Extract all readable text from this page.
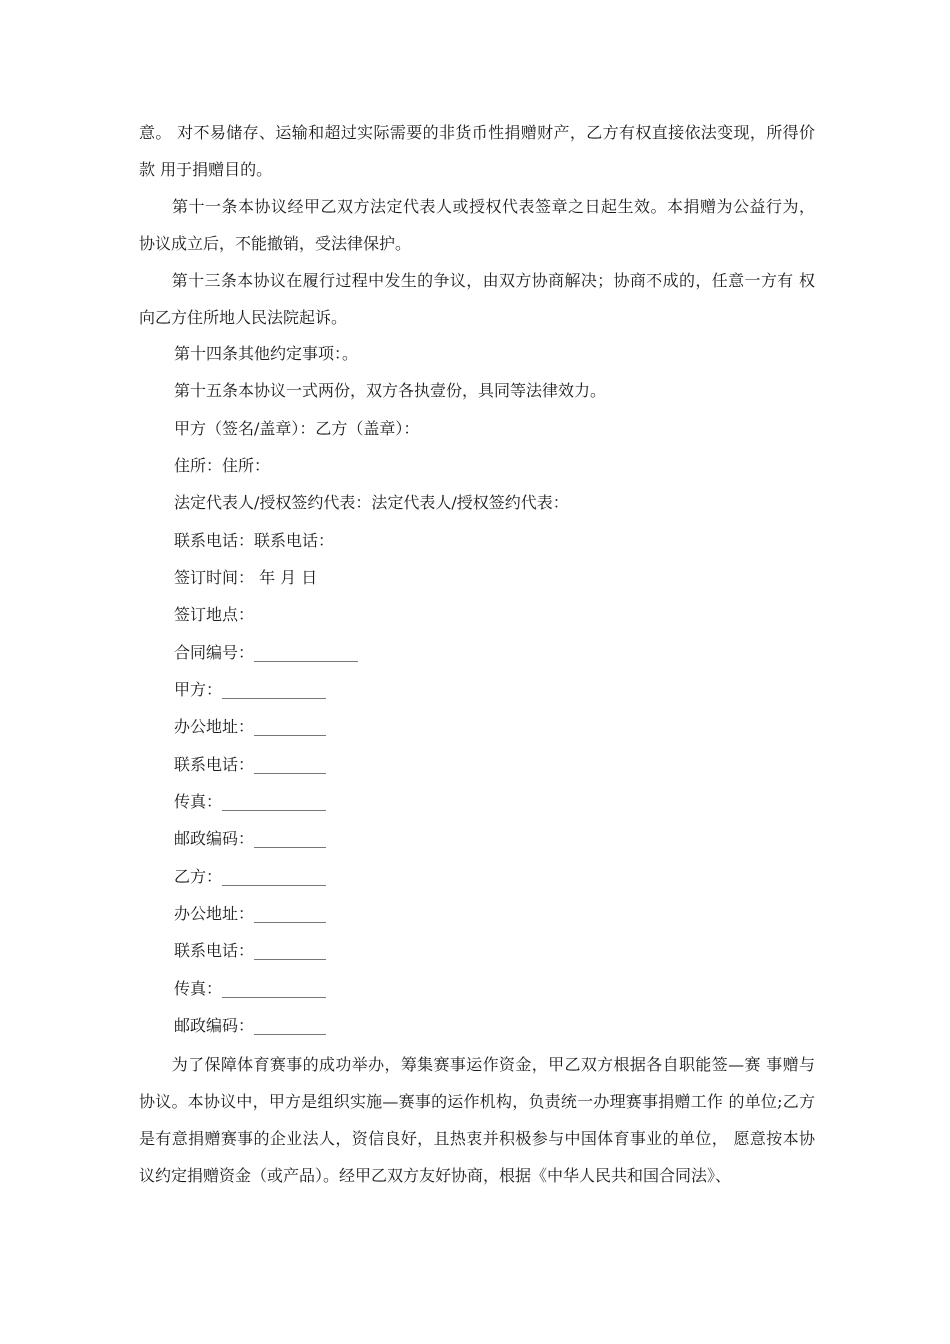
意。 对不易储存、运输和超过实际需要的非货币性捐赠财产，乙方有权直接依法变现，所得价款 用于捐赠目的。

　　第十一条本协议经甲乙双方法定代表人或授权代表签章之日起生效。本捐赠为公益行为， 协议成立后，不能撤销，受法律保护。

　　第十三条本协议在履行过程中发生的争议，由双方协商解决；协商不成的，任意一方有 权向乙方住所地人民法院起诉。

第十四条其他约定事项：。

第十五条本协议一式两份，双方各执壹份，具同等法律效力。

甲方（签名/盖章）：乙方（盖章）：

住所：住所：

法定代表人/授权签约代表：法定代表人/授权签约代表：

联系电话：联系电话：

签订时间： 年 月 日

签订地点：

合同编号：_____________

甲方：_____________

办公地址：_________

联系电话：_________

传真：_____________

邮政编码：_________

乙方：_____________

办公地址：_________

联系电话：_________

传真：_____________

邮政编码：_________

　　为了保障体育赛事的成功举办，筹集赛事运作资金，甲乙双方根据各自职能签—赛 事赠与协议。本协议中，甲方是组织实施—赛事的运作机构，负责统一办理赛事捐赠工作 的单位;乙方是有意捐赠赛事的企业法人，资信良好，且热衷并积极参与中国体育事业的单位， 愿意按本协议约定捐赠资金（或产品）。经甲乙双方友好协商，根据《中华人民共和国合同法》、
